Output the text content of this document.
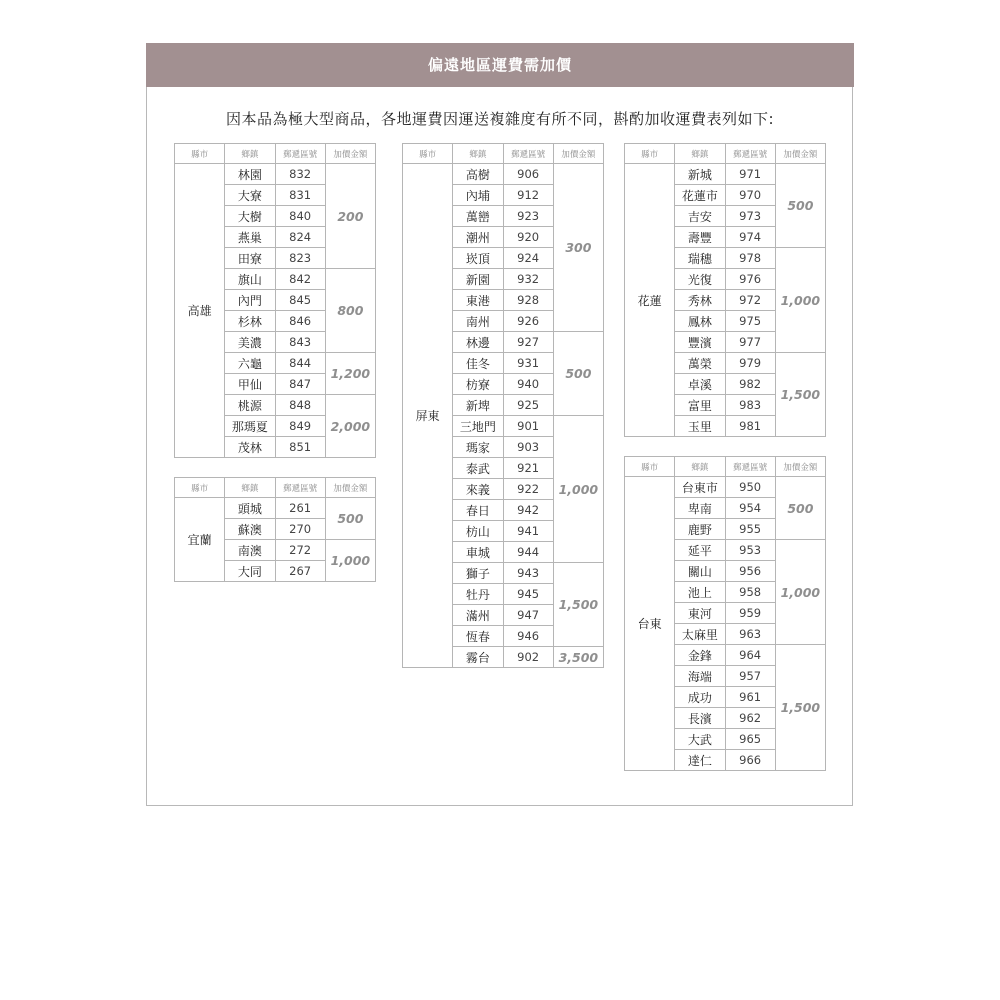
偏遠地區運費需加價
因本品為極大型商品，各地運費因運送複雜度有所不同，斟酌加收運費表列如下:
縣市	鄉鎮	郵遞區號	加價金額
高雄	林園	832	200
	大寮	831	
	大樹	840	
	燕巢	824	
	田寮	823	
	旗山	842	800
	內門	845	
	杉林	846	
	美濃	843	
	六龜	844	1,200
	甲仙	847	
	桃源	848	2,000
	那瑪夏	849	
	茂林	851	
縣市	鄉鎮	郵遞區號	加價金額
宜蘭	頭城	261	500
	蘇澳	270	
	南澳	272	1,000
	大同	267	
縣市	鄉鎮	郵遞區號	加價金額
屏東	高樹	906	300
	內埔	912	
	萬巒	923	
	潮州	920	
	崁頂	924	
	新園	932	
	東港	928	
	南州	926	
	林邊	927	500
	佳冬	931	
	枋寮	940	
	新埤	925	
	三地門	901	1,000
	瑪家	903	
	泰武	921	
	來義	922	
	春日	942	
	枋山	941	
	車城	944	
	獅子	943	1,500
	牡丹	945	
	滿州	947	
	恆春	946	
	霧台	902	3,500
縣市	鄉鎮	郵遞區號	加價金額
花蓮	新城	971	500
	花蓮市	970	
	吉安	973	
	壽豐	974	
	瑞穗	978	1,000
	光復	976	
	秀林	972	
	鳳林	975	
	豐濱	977	
	萬榮	979	1,500
	卓溪	982	
	富里	983	
	玉里	981	
縣市	鄉鎮	郵遞區號	加價金額
台東	台東市	950	500
	卑南	954	
	鹿野	955	
	延平	953	1,000
	關山	956	
	池上	958	
	東河	959	
	太麻里	963	
	金鋒	964	1,500
	海端	957	
	成功	961	
	長濱	962	
	大武	965	
	達仁	966	
